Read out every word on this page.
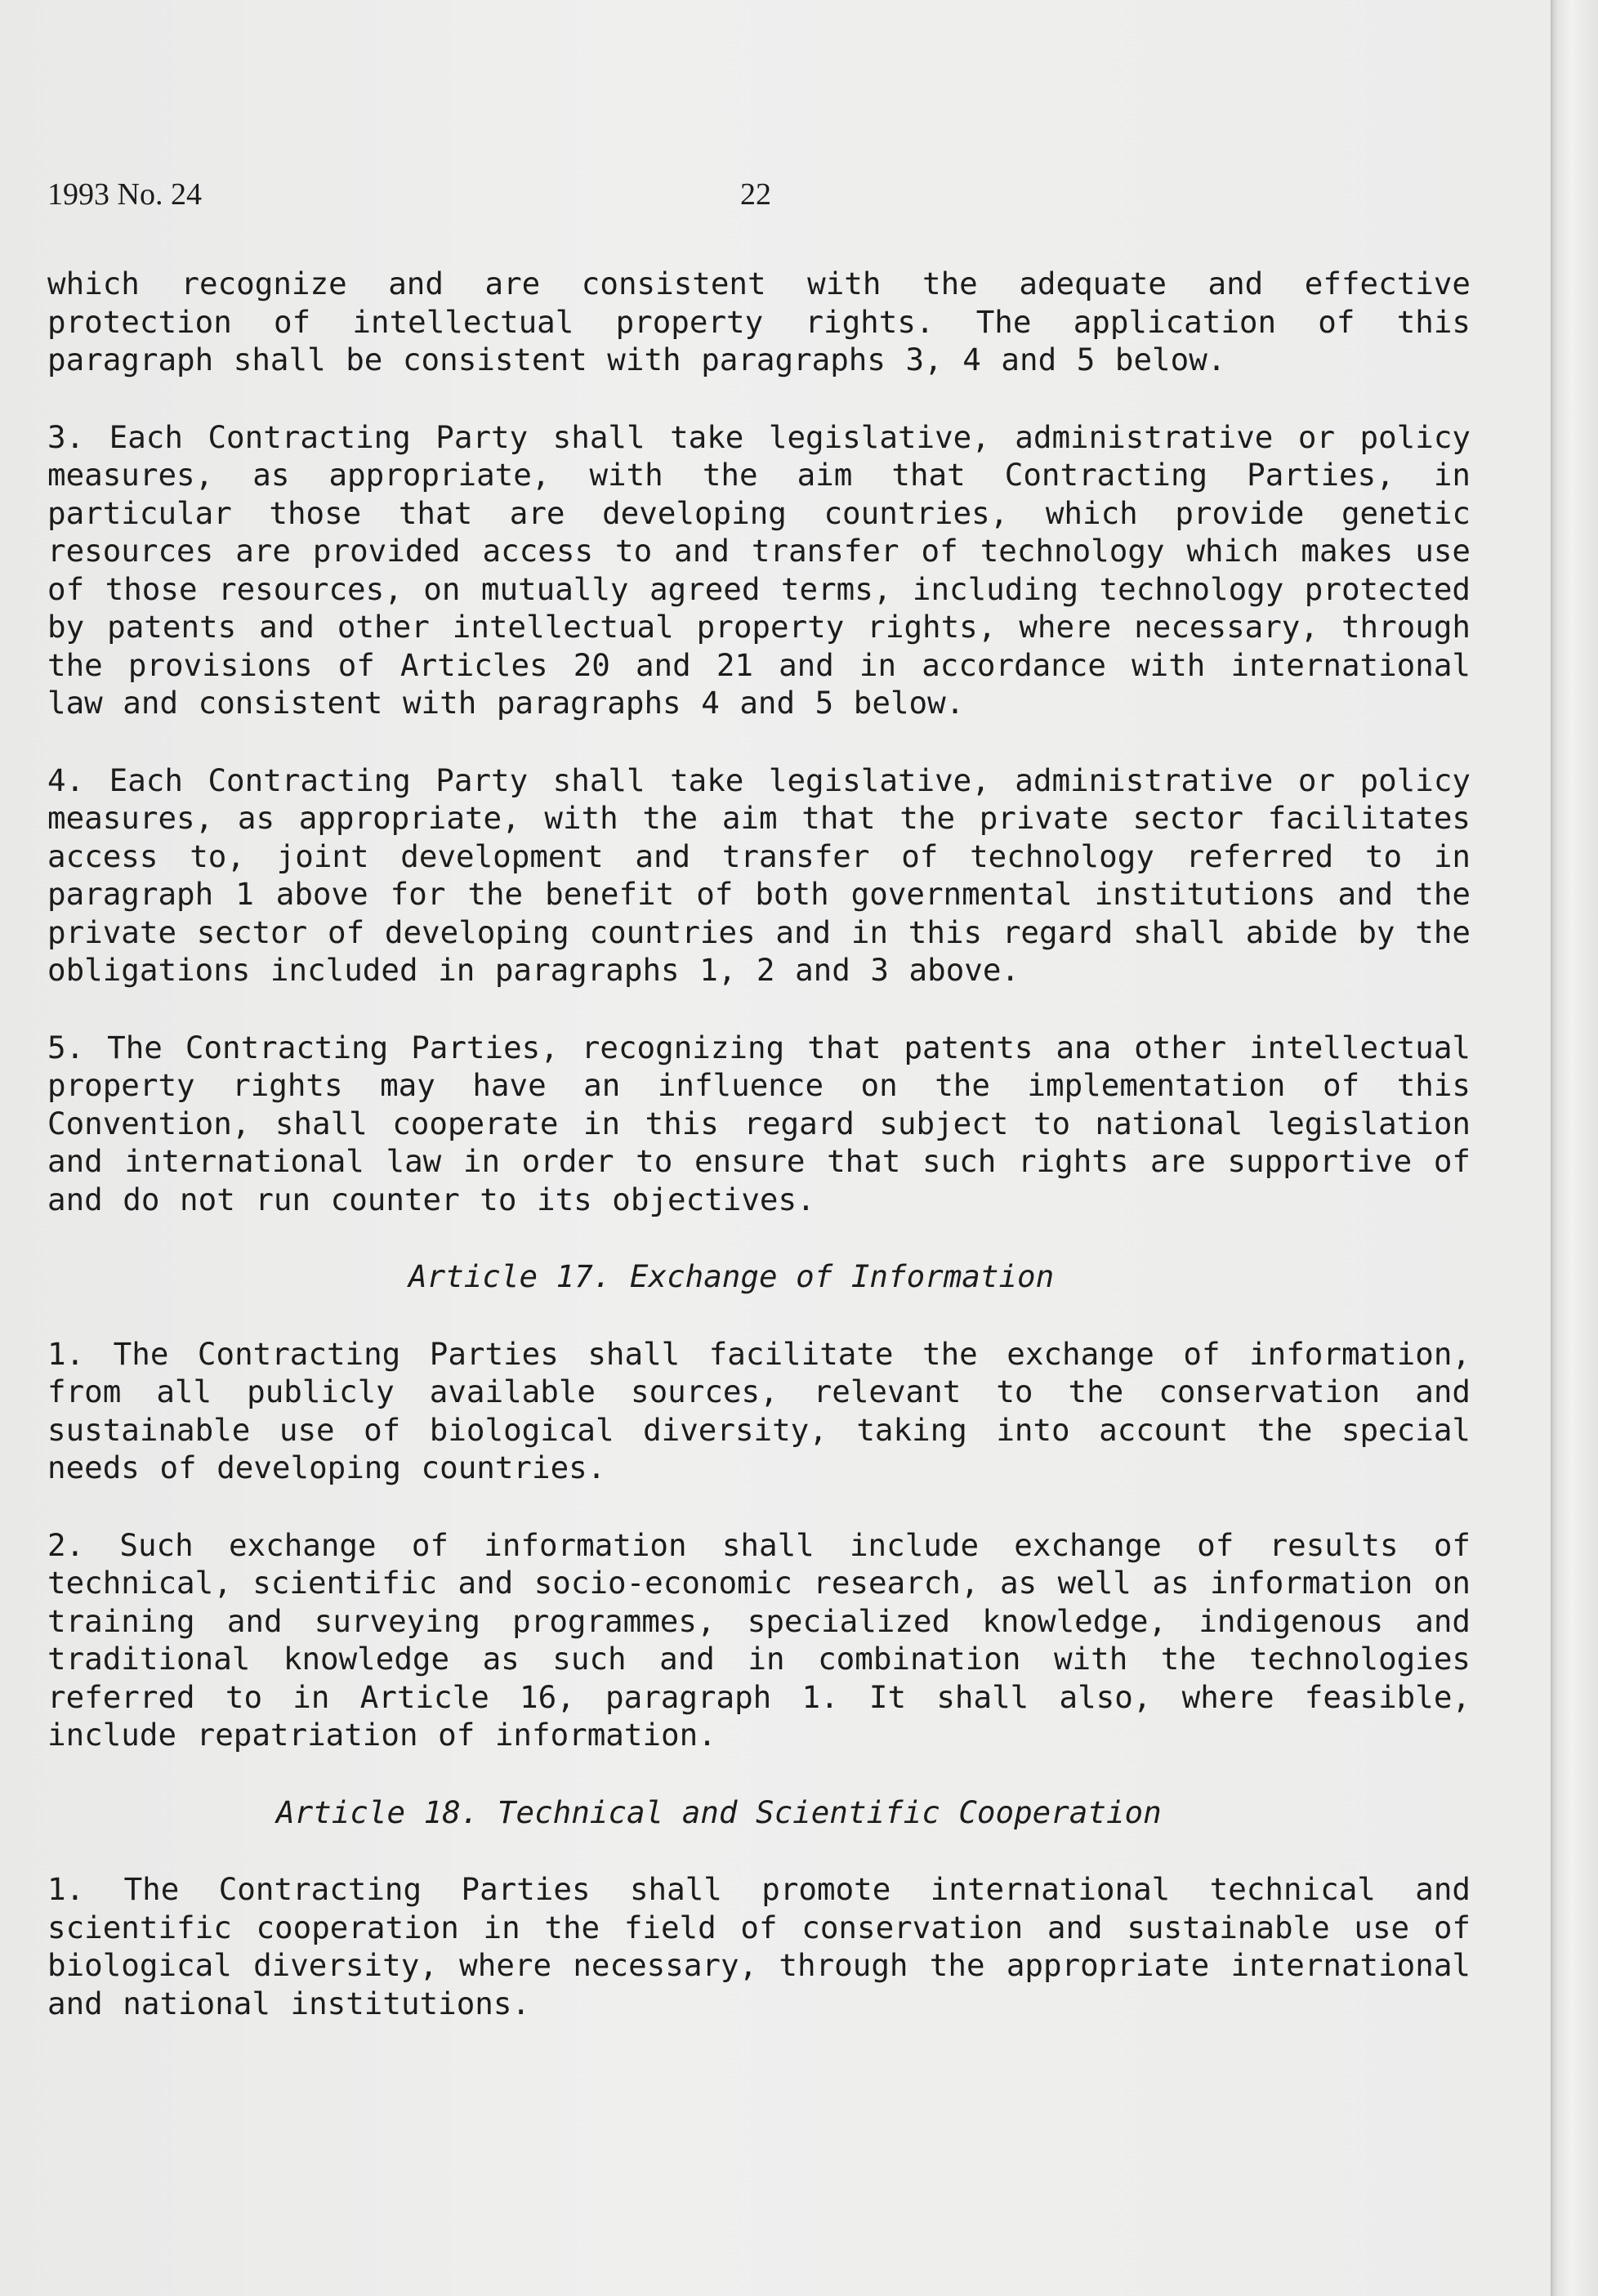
1993 No. 24	22

which recognize and are consistent with the adequate and effective protection of intellectual property rights. The application of this paragraph shall be consistent with paragraphs 3, 4 and 5 below.

3. Each Contracting Party shall take legislative, administrative or policy measures, as appropriate, with the aim that Contracting Parties, in particular those that are developing countries, which provide genetic resources are provided access to and transfer of technology which makes use of those resources, on mutually agreed terms, including technology protected by patents and other intellectual property rights, where necessary, through the provisions of Articles 20 and 21 and in accordance with international law and consistent with paragraphs 4 and 5 below.

4. Each Contracting Party shall take legislative, administrative or policy measures, as appropriate, with the aim that the private sector facilitates access to, joint development and transfer of technology referred to in paragraph 1 above for the benefit of both governmental institutions and the private sector of developing countries and in this regard shall abide by the obligations included in paragraphs 1, 2 and 3 above.

5. The Contracting Parties, recognizing that patents ana other intellectual property rights may have an influence on the implementation of this Convention, shall cooperate in this regard subject to national legislation and international law in order to ensure that such rights are supportive of and do not run counter to its objectives.

Article 17. Exchange of Information

1. The Contracting Parties shall facilitate the exchange of information, from all publicly available sources, relevant to the conservation and sustainable use of biological diversity, taking into account the special needs of developing countries.

2. Such exchange of information shall include exchange of results of technical, scientific and socio-economic research, as well as information on training and surveying programmes, specialized knowledge, indigenous and traditional knowledge as such and in combination with the technologies referred to in Article 16, paragraph 1. It shall also, where feasible, include repatriation of information.

Article 18. Technical and Scientific Cooperation

1. The Contracting Parties shall promote international technical and scientific cooperation in the field of conservation and sustainable use of biological diversity, where necessary, through the appropriate international and national institutions.
